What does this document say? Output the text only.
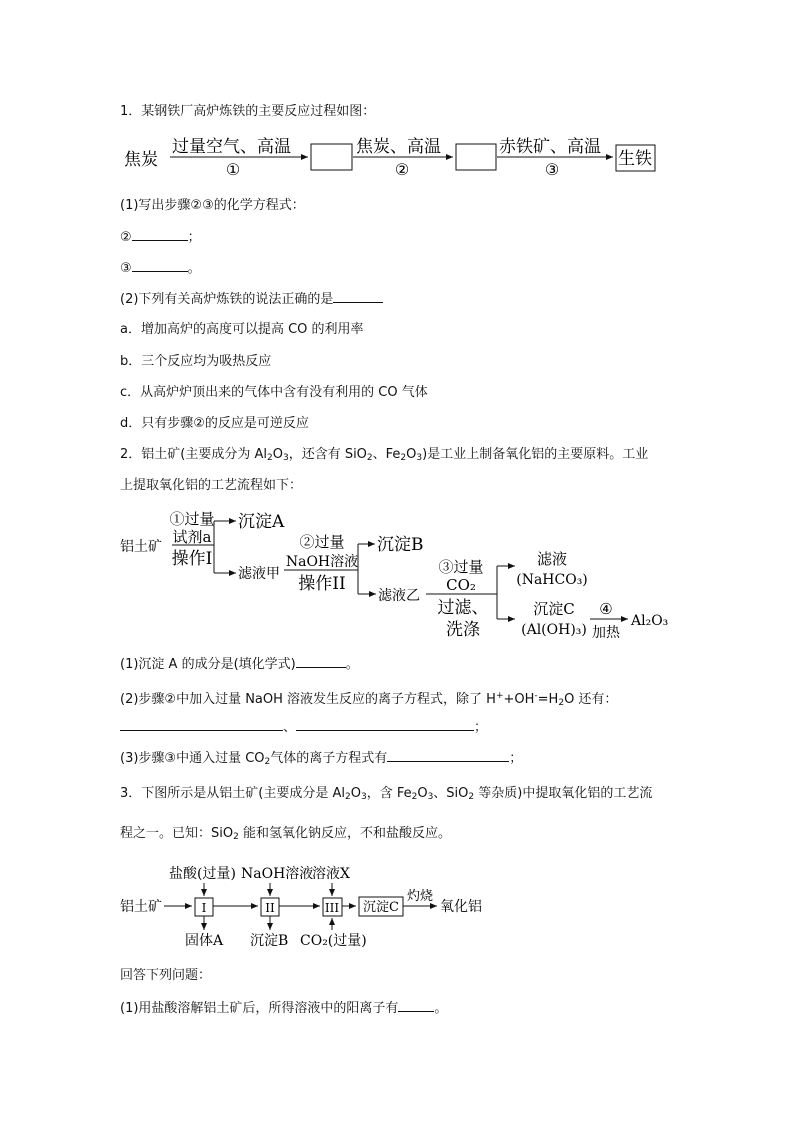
1．某钢铁厂高炉炼铁的主要反应过程如图：
焦炭
过量空气、高温
①
焦炭、高温
②
赤铁矿、高温
③
生铁
铝土矿
①过量
试剂a
操作I
沉淀A
滤液甲
②过量
NaOH溶液
操作II
沉淀B
滤液乙
③过量
CO₂
过滤、
洗涤
滤液
(NaHCO₃)
沉淀C
(Al(OH)₃)
④
加热
Al₂O₃
盐酸(过量) NaOH溶液
溶液X
铝土矿	I	II	III 沉淀C
灼烧
氧化铝
固体A 沉淀B CO₂(过量)
(1)写出步骤②③的化学方程式：
②	；
③	。
(2)下列有关高炉炼铁的说法正确的是
a．增加高炉的高度可以提高 CO 的利用率
b．三个反应均为吸热反应
c．从高炉炉顶出来的气体中含有没有利用的 CO 气体
d．只有步骤②的反应是可逆反应
2．铝土矿(主要成分为 $Al_2O_3$，还含有 SiO$_2$、$Fe_2O_3$)是工业上制备氧化铝的主要原料。工业
上提取氧化铝的工艺流程如下：
(1)沉淀 A 的成分是(填化学式)	。
(2)步骤②中加入过量 NaOH 溶液发生反应的离子方程式，除了 $H^++OH^-=H_2O$ 还有：
、	；
(3)步骤③中通入过量 $CO_2$气体的离子方程式有	；
3．下图所示是从铝土矿(主要成分是 $Al_2O_3$，含 $Fe_2O_3$、SiO$_2$ 等杂质)中提取氧化铝的工艺流
程之一。已知：SiO$_2$ 能和氢氧化钠反应，不和盐酸反应。
回答下列问题：
(1)用盐酸溶解铝土矿后，所得溶液中的阳离子有	。
